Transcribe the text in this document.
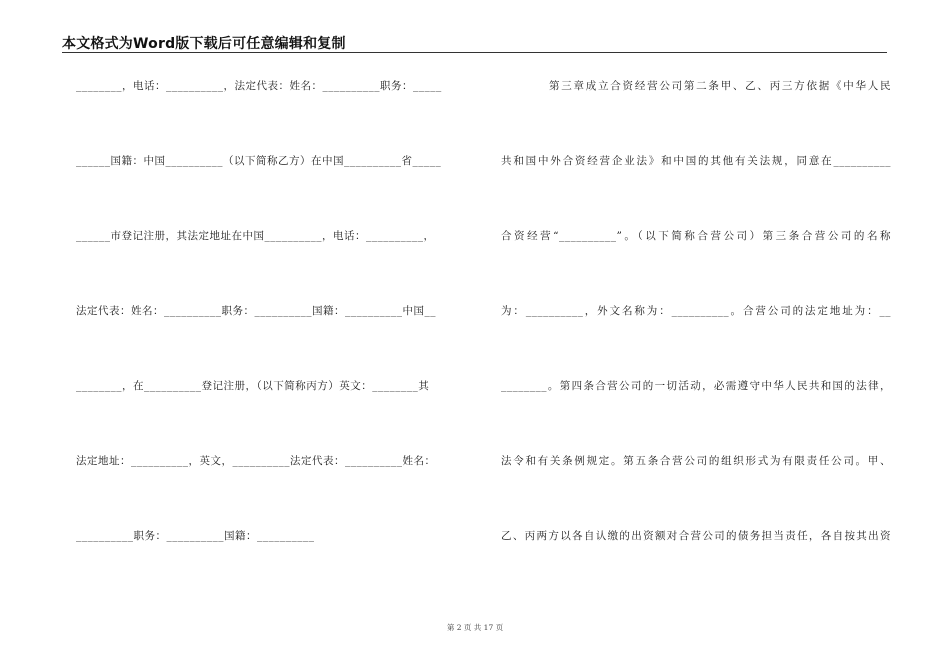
本文格式为Word版下载后可任意编辑和复制
________，电话：__________，法定代表：姓名：__________职务：_____
______国籍：中国__________（以下简称乙方）在中国__________省_____
______市登记注册，其法定地址在中国__________，电话：__________，
法定代表：姓名：__________职务：__________国籍：__________中国__
________，在__________登记注册，（以下简称丙方）英文：________其
法定地址：__________，英文，__________法定代表：__________姓名：
__________职务：__________国籍：__________
第三章成立合资经营公司第二条甲、乙、丙三方依据《中华人民
共和国中外合资经营企业法》和中国的其他有关法规，同意在__________
合资经营“__________”。（以下简称合营公司）第三条合营公司的名称
为：__________，外文名称为：__________。合营公司的法定地址为：__
________。第四条合营公司的一切活动，必需遵守中华人民共和国的法律，
法令和有关条例规定。第五条合营公司的组织形式为有限责任公司。甲、
乙、丙两方以各自认缴的出资额对合营公司的债务担当责任，各自按其出资
第 2 页 共 17 页
